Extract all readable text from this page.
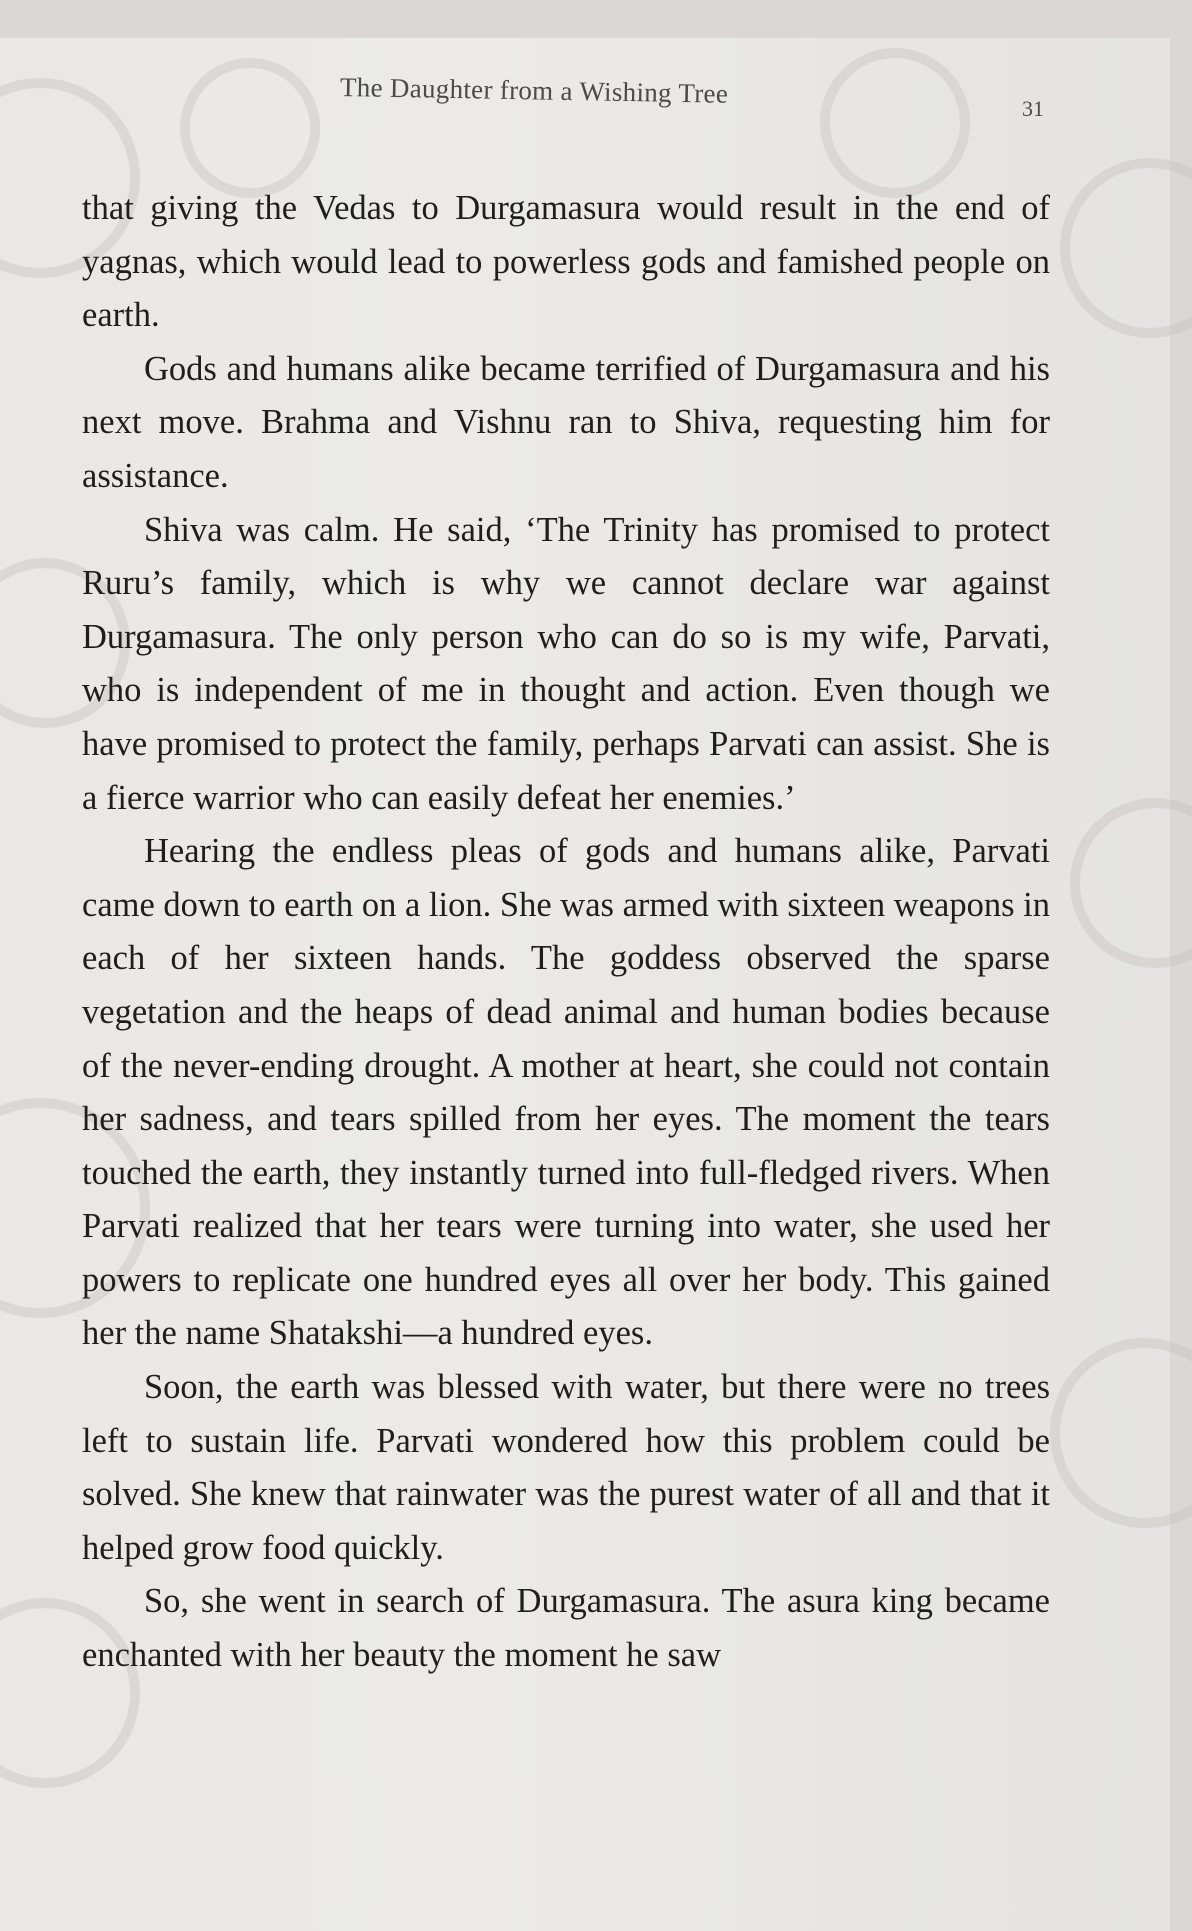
The Daughter from a Wishing Tree	31

that giving the Vedas to Durgamasura would result in the end of yagnas, which would lead to powerless gods and famished people on earth.

Gods and humans alike became terrified of Durgamasura and his next move. Brahma and Vishnu ran to Shiva, requesting him for assistance.

Shiva was calm. He said, ‘The Trinity has promised to protect Ruru’s family, which is why we cannot declare war against Durgamasura. The only person who can do so is my wife, Parvati, who is independent of me in thought and action. Even though we have promised to protect the family, perhaps Parvati can assist. She is a fierce warrior who can easily defeat her enemies.’

Hearing the endless pleas of gods and humans alike, Parvati came down to earth on a lion. She was armed with sixteen weapons in each of her sixteen hands. The goddess observed the sparse vegetation and the heaps of dead animal and human bodies because of the never-ending drought. A mother at heart, she could not contain her sadness, and tears spilled from her eyes. The moment the tears touched the earth, they instantly turned into full-fledged rivers. When Parvati realized that her tears were turning into water, she used her powers to replicate one hundred eyes all over her body. This gained her the name Shatakshi—a hundred eyes.

Soon, the earth was blessed with water, but there were no trees left to sustain life. Parvati wondered how this problem could be solved. She knew that rainwater was the purest water of all and that it helped grow food quickly.

So, she went in search of Durgamasura. The asura king became enchanted with her beauty the moment he saw
